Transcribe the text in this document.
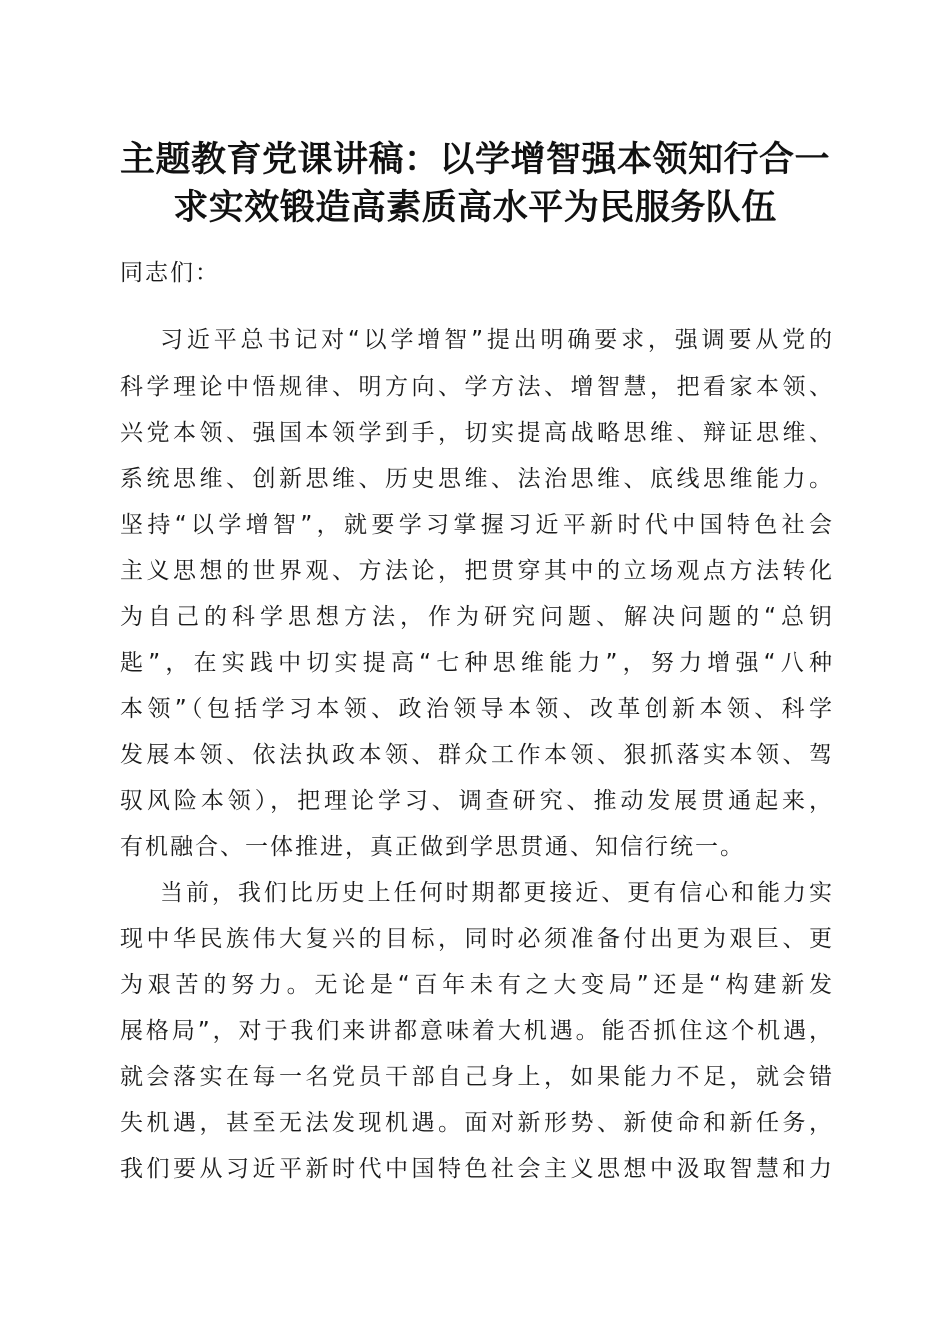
主题教育党课讲稿：以学增智强本领知行合一
求实效锻造高素质高水平为民服务队伍
同志们：
习近平总书记对“以学增智”提出明确要求，强调要从党的
科学理论中悟规律、明方向、学方法、增智慧，把看家本领、
兴党本领、强国本领学到手，切实提高战略思维、辩证思维、
系统思维、创新思维、历史思维、法治思维、底线思维能力。
坚持“以学增智”，就要学习掌握习近平新时代中国特色社会
主义思想的世界观、方法论，把贯穿其中的立场观点方法转化
为自己的科学思想方法，作为研究问题、解决问题的“总钥
匙”，在实践中切实提高“七种思维能力”，努力增强“八种
本领”（包括学习本领、政治领导本领、改革创新本领、科学
发展本领、依法执政本领、群众工作本领、狠抓落实本领、驾
驭风险本领），把理论学习、调查研究、推动发展贯通起来，
有机融合、一体推进，真正做到学思贯通、知信行统一。
当前，我们比历史上任何时期都更接近、更有信心和能力实
现中华民族伟大复兴的目标，同时必须准备付出更为艰巨、更
为艰苦的努力。无论是“百年未有之大变局”还是“构建新发
展格局”，对于我们来讲都意味着大机遇。能否抓住这个机遇，
就会落实在每一名党员干部自己身上，如果能力不足，就会错
失机遇，甚至无法发现机遇。面对新形势、新使命和新任务，
我们要从习近平新时代中国特色社会主义思想中汲取智慧和力
